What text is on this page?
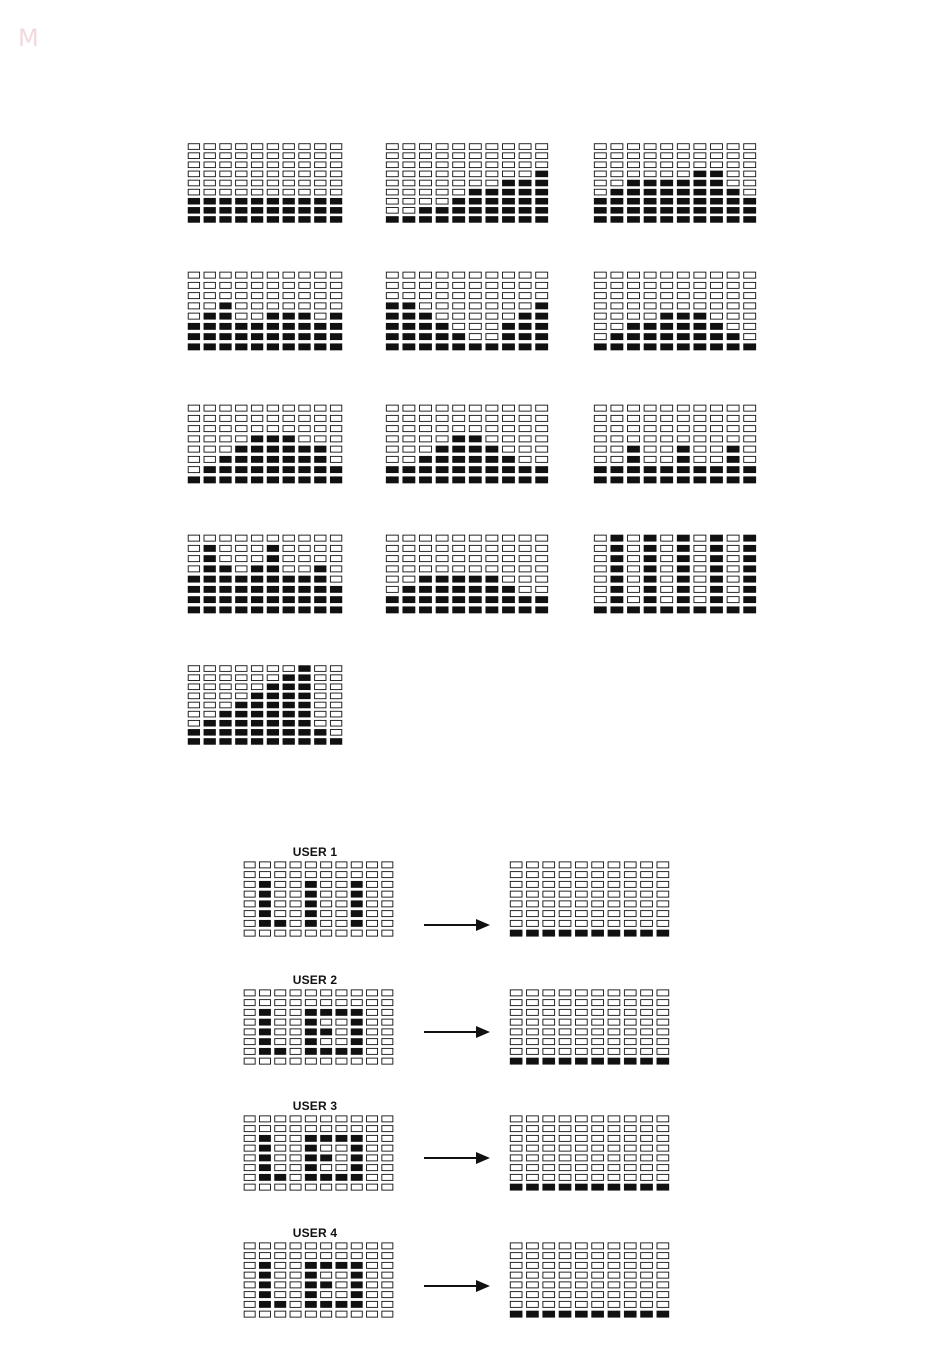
M
USER 1
USER 2
USER 3
USER 4
